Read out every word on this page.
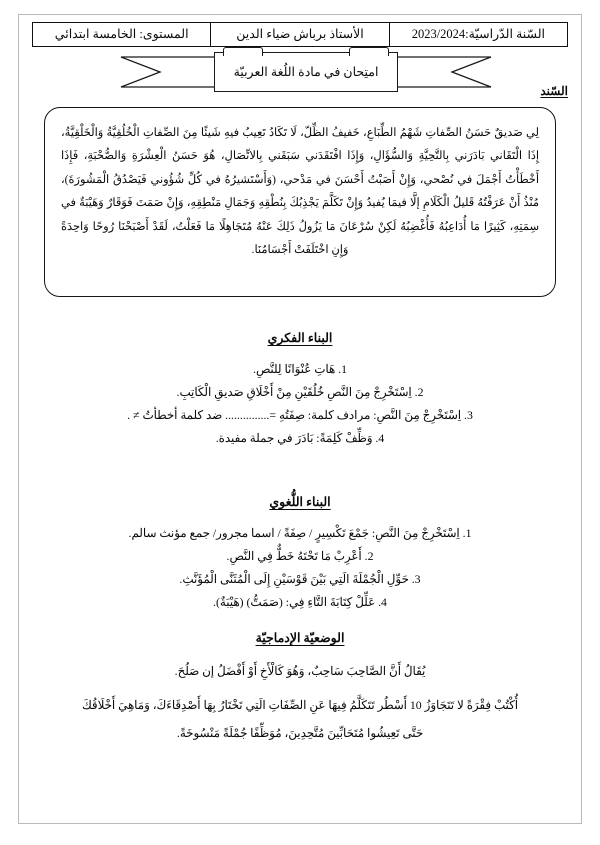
السّنة الدّراسيّة:2023/2024
الأستاذ برباش ضياء الدين
المستوى: الخامسة ابتدائي
امتِحان في مادة اللُغة العربيّة
السّند

لِي صَديقٌ حَسَنُ الصِّفاتِ شَهْمُ الطِّبَاعِ، خَفيفُ الظِّلّ، لَا تَكَادُ تَعِيبُ فيهِ شَيئًا مِنَ الصِّفاتِ الْخُلُقِيَّةُ وَالْخَلْقِيَّةُ، إِذَا الْتَقَاني بَادَرَني بِالتَّحِيَّةِ وَالسُّؤَالِ، وَإِذَا افْتَقَدَني سَبَقَني بِالاتِّصَالِ، هُوَ حَسَنُ الْعِشْرَةِ وَالصُّحْبَةِ، فَإِذَا أَخْطَأْتُ أَجْمَلَ في نُصْحي، وَإِنْ أَصَبْتُ أَحْسَنَ في مَدْحي، (وَأَسْتَشيرُهُ في كُلِّ شُؤُوني فَيَصْدُقُ الْمَشُورَةَ)، مُنْذُ أَنْ عَرَفْتُهُ قَليلُ الْكَلَامِ إلَّا فيمَا يُفيدُ وَإِنْ تَكَلَّمَ يَجْذِبُكَ بِنُطْقِهِ وَجَمَالِ مَنْطِقِهِ، وَإِنْ صَمَتَ فَوَقَارٌ وَهَيْبَةٌ في سِمَتِهِ، كَثِيرًا مَا أُدَاعِبُهُ فَأُغْضِبُهُ لَكِنْ سُرْعَانَ مَا يَزُولُ ذَلِكَ عَنْهُ مُتَجَاهِلًا مَا فَعَلْتُ، لَقَدْ أَصْبَحْنَا رُوحًا وَاحِدَةً وَإِنِ اخْتَلَفَتْ أَجْسَامُنَا.

البناء الفكري
1. هَاتِ عُنْوَانًا لِلنَّصِ.
2. اِسْتَخْرِجْ مِنَ النَّصِ خُلُقَيْنِ مِنْ أَخْلَاقِ صَديقِ الْكَاتِبِ.
3. اِسْتَخْرِجْ مِنَ النَّصِ: مرادف كلمة: صِفَتُهِ =............... ضد كلمة أخطأتُ ≠ .
4. وَظِّفْ كَلِمَةً: بَادَرَ في جملة مفيدة.
البناء اللُّغوي
1. اِسْتَخْرِجْ مِنَ النَّصِ: جَمْعَ تَكْسِيرٍ / صِفَةً / اسما مجرور/ جمع مؤنث سالم.
2. أَعْرِبْ مَا تَحْتَهُ خَطٌّ فِي النَّصِ.
3. حَوِّلِ الْجُمْلَةَ الَتِي بَيْنَ قَوْسَيْنِ إِلَى الْمُثَنَّى الْمُؤَنَّثِ.
4. عَلِّلْ كِتَابَةَ التَّاءِ فِي: (صَمَتُّ) (هَيْبَةٌ).
الوضعيّة الإدماجيّة
يُقَالُ أَنَّ الصَّاحِبَ سَاحِبٌ، وَهُوَ كَالْأَخِ أَوْ أَفْضَلُ إن صَلُحَ.
أُكْتُبْ فِقْرَةً لا تَتَجَاوَزُ 10 أَسْطُر تَتَكَلَّمُ فِيهَا عَنِ الصِّفَاتِ الَتِي تَخْتَارُ بِهَا أَصْدِقَاءَكَ، وَمَاهِيَ أَخْلَاقُكَ
حَتَّى تَعِيشُوا مُتَحَابِّينَ مُتَّحِدِينَ، مُوَظِّفًا جُمْلَةً مَنْسُوخَةً.
